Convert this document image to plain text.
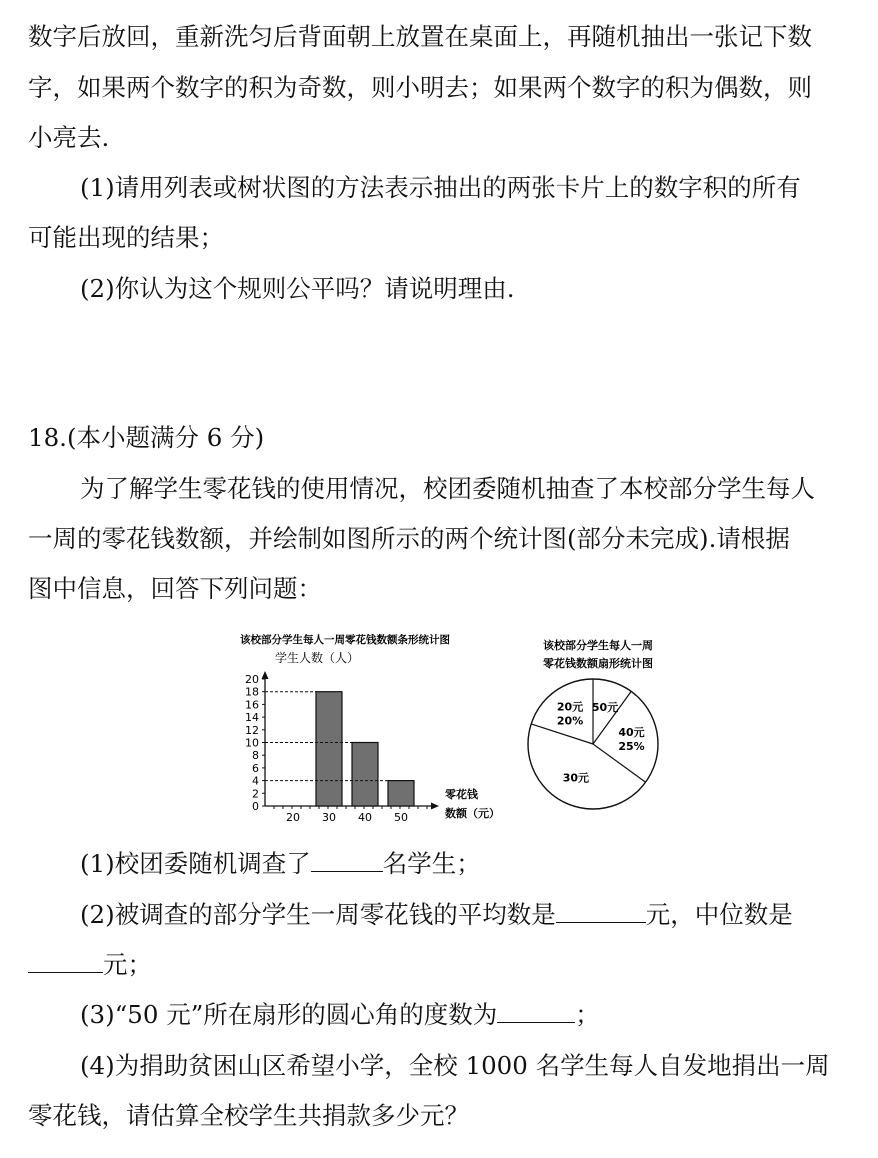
数字后放回，重新洗匀后背面朝上放置在桌面上，再随机抽出一张记下数
字，如果两个数字的积为奇数，则小明去；如果两个数字的积为偶数，则
小亮去.
(1)请用列表或树状图的方法表示抽出的两张卡片上的数字积的所有
可能出现的结果；
(2)你认为这个规则公平吗？请说明理由.
18.(本小题满分 6 分)
为了解学生零花钱的使用情况，校团委随机抽查了本校部分学生每人
一周的零花钱数额，并绘制如图所示的两个统计图(部分未完成).请根据
图中信息，回答下列问题：
该校部分学生每人一周零花钱数额条形统计图
学生人数（人）
零花钱
数额（元）
0
2
4
6
8
10
12
14
16
18
20
20 30 40 50
该校部分学生每人一周
零花钱数额扇形统计图
50元
40元
25%
30元
20元
20%
(1)校团委随机调查了	名学生；
(2)被调查的部分学生一周零花钱的平均数是	元，中位数是
元；
(3)“50 元”所在扇形的圆心角的度数为	；
(4)为捐助贫困山区希望小学，全校 1000 名学生每人自发地捐出一周
零花钱，请估算全校学生共捐款多少元？
